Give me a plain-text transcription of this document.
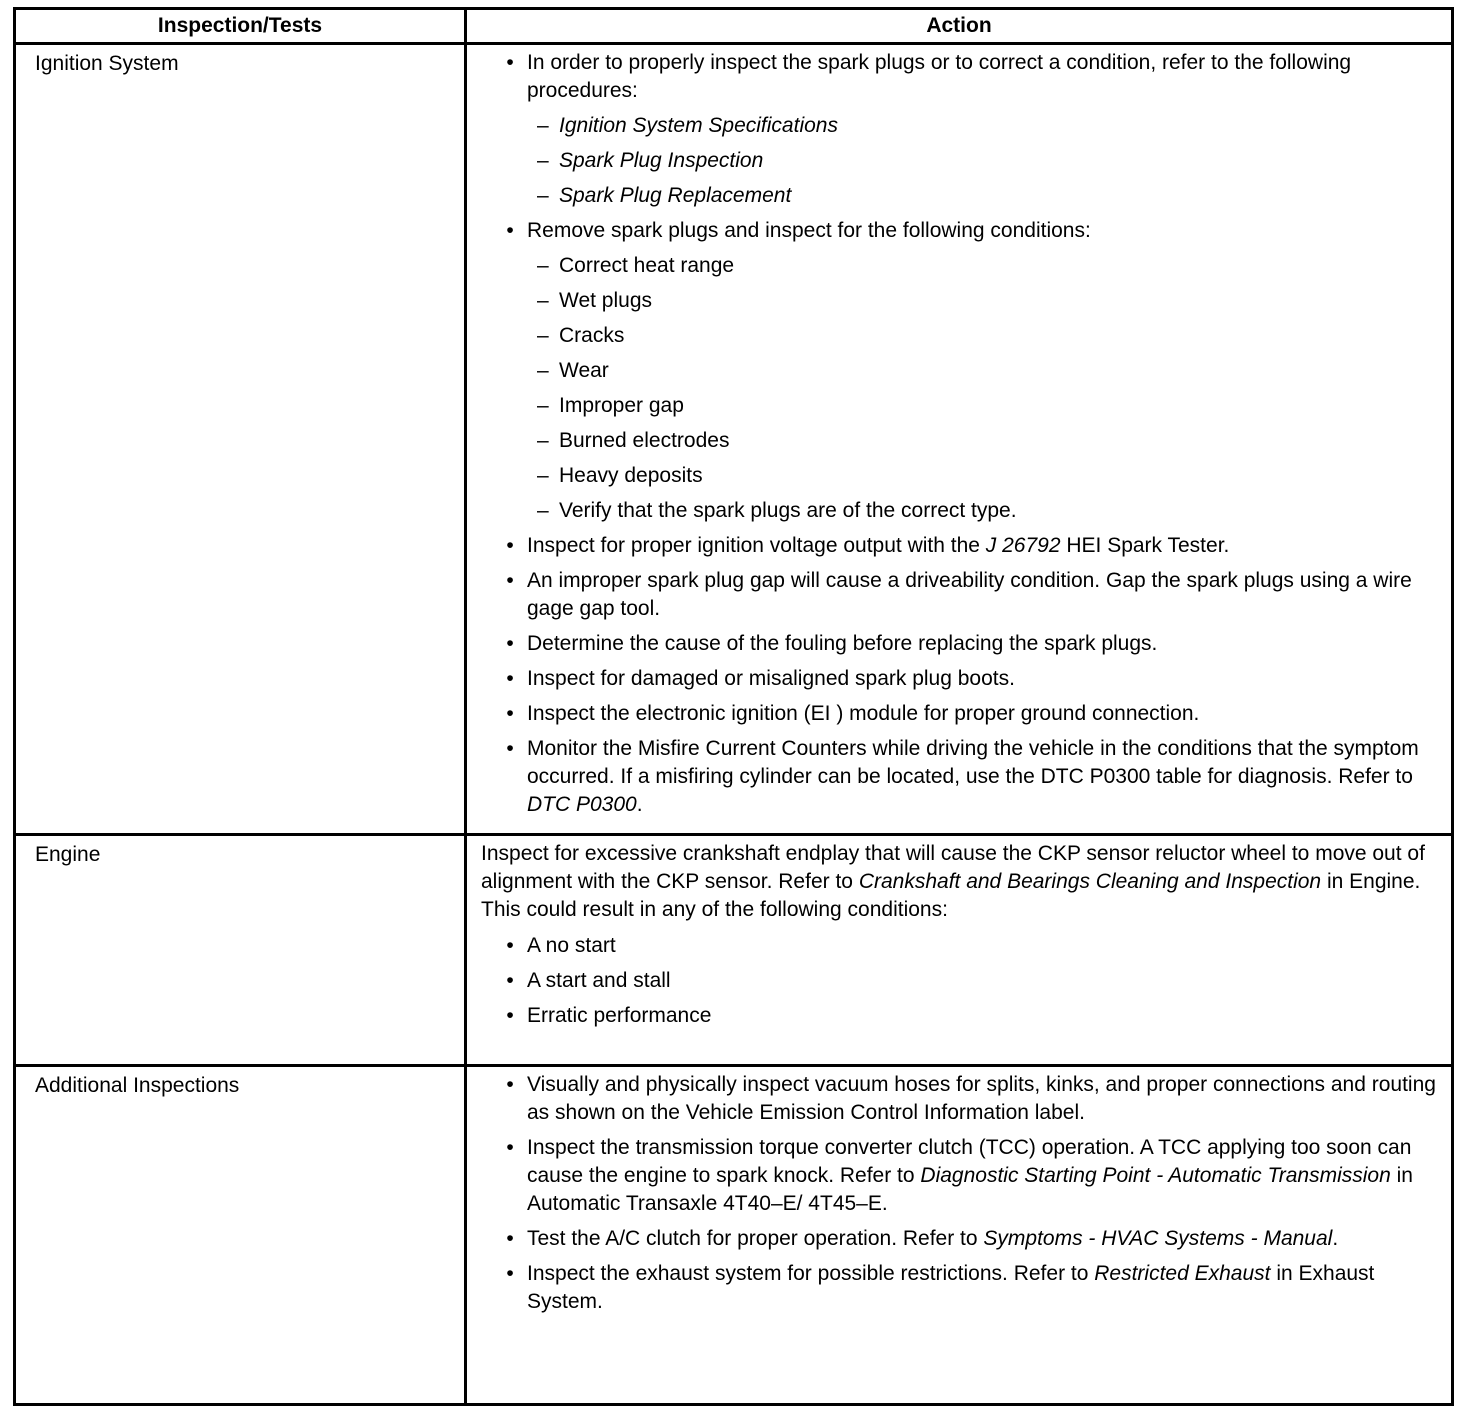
Inspection/Tests	Action
Ignition System	• In order to properly inspect the spark plugs or to correct a condition, refer to the following procedures:
– Ignition System Specifications
– Spark Plug Inspection
– Spark Plug Replacement
• Remove spark plugs and inspect for the following conditions:
– Correct heat range
– Wet plugs
– Cracks
– Wear
– Improper gap
– Burned electrodes
– Heavy deposits
– Verify that the spark plugs are of the correct type.
• Inspect for proper ignition voltage output with the J 26792 HEI Spark Tester.
• An improper spark plug gap will cause a driveability condition. Gap the spark plugs using a wire gage gap tool.
• Determine the cause of the fouling before replacing the spark plugs.
• Inspect for damaged or misaligned spark plug boots.
• Inspect the electronic ignition (EI ) module for proper ground connection.
• Monitor the Misfire Current Counters while driving the vehicle in the conditions that the symptom occurred. If a misfiring cylinder can be located, use the DTC P0300 table for diagnosis. Refer to DTC P0300.

Engine	Inspect for excessive crankshaft endplay that will cause the CKP sensor reluctor wheel to move out of alignment with the CKP sensor. Refer to Crankshaft and Bearings Cleaning and Inspection in Engine. This could result in any of the following conditions:
• A no start
• A start and stall
• Erratic performance

Additional Inspections	• Visually and physically inspect vacuum hoses for splits, kinks, and proper connections and routing as shown on the Vehicle Emission Control Information label.
• Inspect the transmission torque converter clutch (TCC) operation. A TCC applying too soon can cause the engine to spark knock. Refer to Diagnostic Starting Point - Automatic Transmission in Automatic Transaxle 4T40–E/ 4T45–E.
• Test the A/C clutch for proper operation. Refer to Symptoms - HVAC Systems - Manual.
• Inspect the exhaust system for possible restrictions. Refer to Restricted Exhaust in Exhaust System.
